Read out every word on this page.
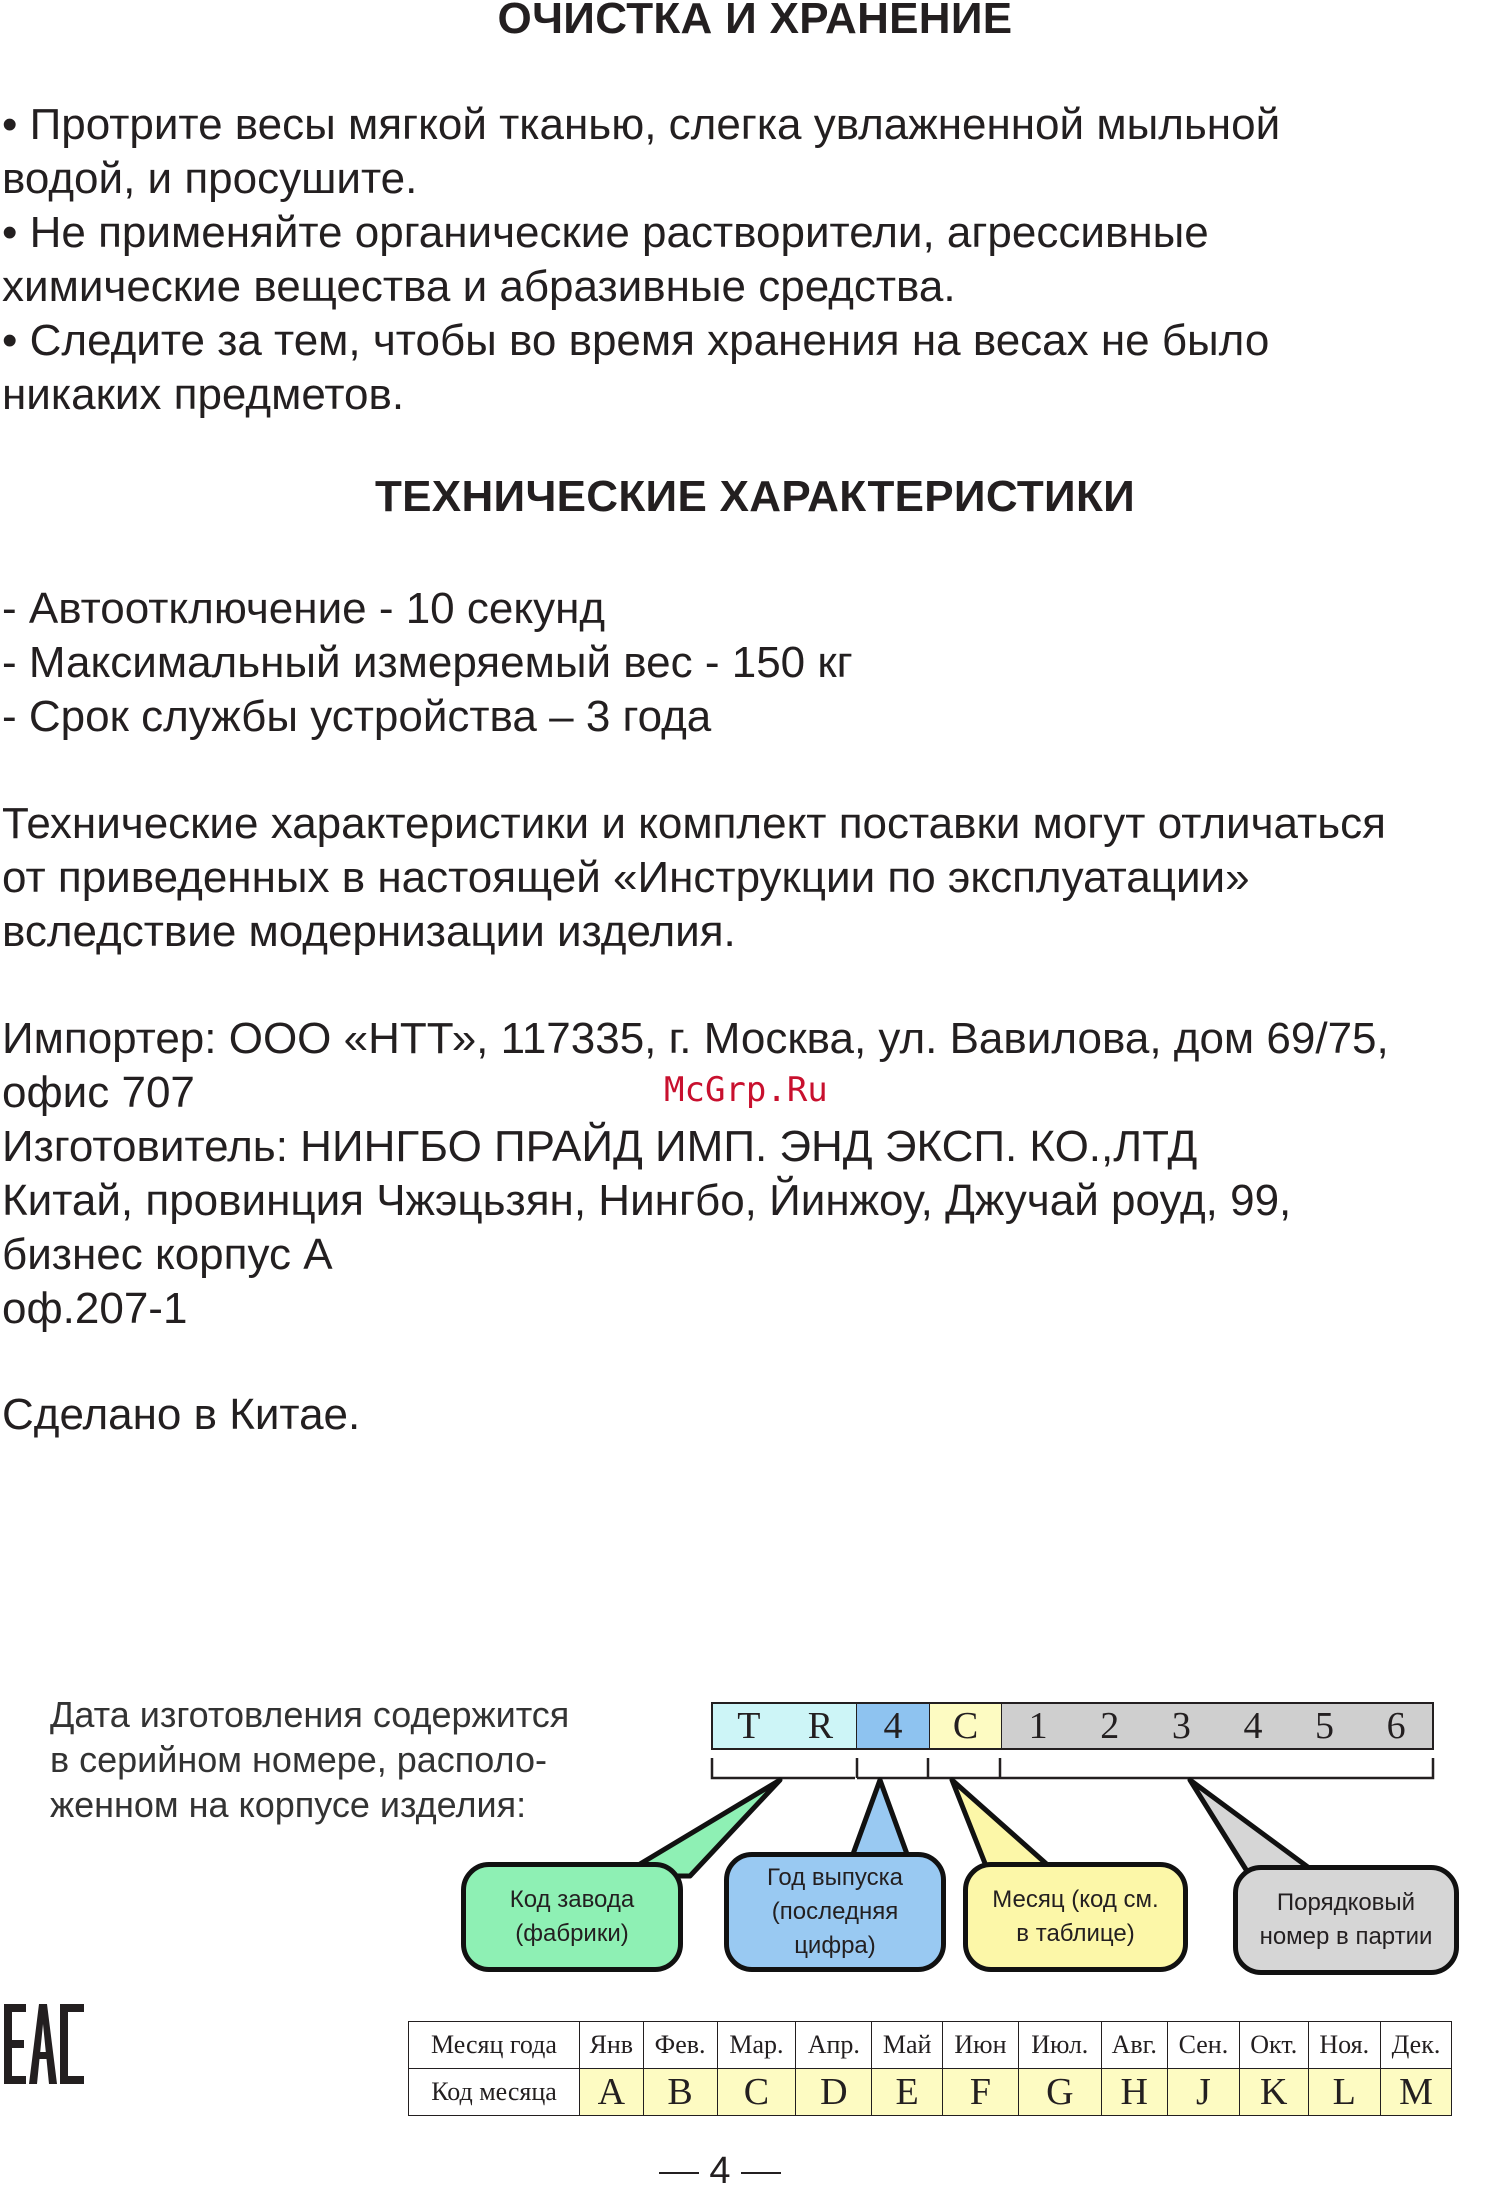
ОЧИСТКА И ХРАНЕНИЕ
• Протрите весы мягкой тканью, слегка увлажненной мыльной
водой, и просушите.
• Не применяйте органические растворители, агрессивные
химические вещества и абразивные средства.
• Следите за тем, чтобы во время хранения на весах не было
никаких предметов.
ТЕХНИЧЕСКИЕ ХАРАКТЕРИСТИКИ
- Автоотключение - 10 секунд
- Максимальный измеряемый вес - 150 кг
- Срок службы устройства – 3 года
Технические характеристики и комплект поставки могут отличаться
от приведенных в настоящей «Инструкции по эксплуатации»
вследствие модернизации изделия.
Импортер: ООО «НТТ», 117335, г. Москва, ул. Вавилова, дом 69/75,
офис 707
Изготовитель: НИНГБО ПРАЙД ИМП. ЭНД ЭКСП. КО.,ЛТД
Китай, провинция Чжэцьзян, Нингбо, Йинжоу, Джучай роуд, 99,
бизнес корпус А
оф.207-1
McGrp.Ru
Сделано в Китае.
Дата изготовления содержится
в серийном номере, располо-
женном на корпусе изделия:
T	R	4	C	1	2	3	4	5	6
Код завода
(фабрики)
Год выпуска
(последняя
цифра)
Месяц (код см.
в таблице)
Порядковый
номер в партии
Месяц года	Янв	Фев.	Мар.	Апр.	Май	Июн	Июл.	Авг.	Сен.	Окт.	Ноя.	Дек.
Код месяца	A	B	C	D	E	F	G	H	J	K	L	M
4
